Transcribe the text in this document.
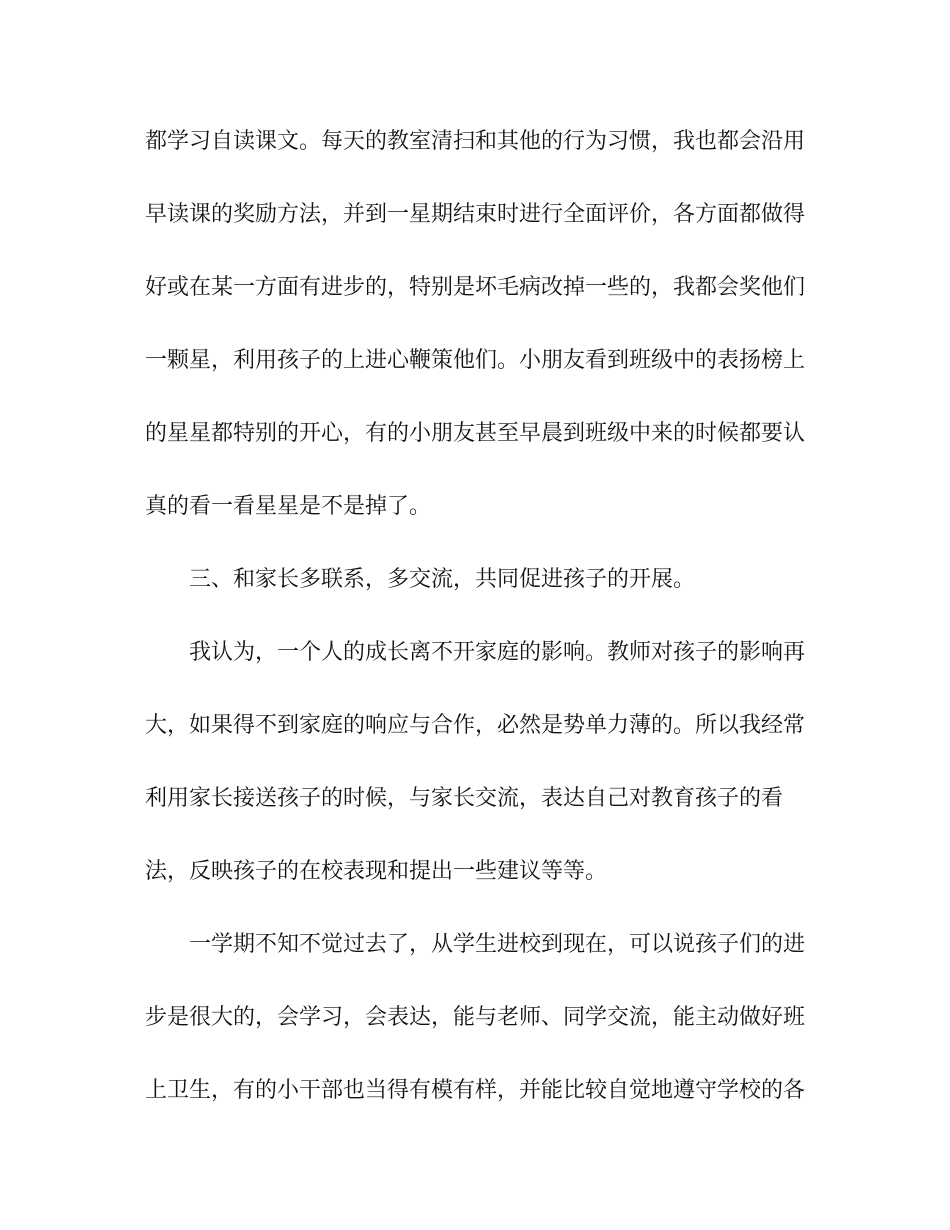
都学习自读课文。每天的教室清扫和其他的行为习惯，我也都会沿用
早读课的奖励方法，并到一星期结束时进行全面评价，各方面都做得
好或在某一方面有进步的，特别是坏毛病改掉一些的，我都会奖他们
一颗星，利用孩子的上进心鞭策他们。小朋友看到班级中的表扬榜上
的星星都特别的开心，有的小朋友甚至早晨到班级中来的时候都要认
真的看一看星星是不是掉了。
三、和家长多联系，多交流，共同促进孩子的开展。
我认为，一个人的成长离不开家庭的影响。教师对孩子的影响再
大，如果得不到家庭的响应与合作，必然是势单力薄的。所以我经常
利用家长接送孩子的时候，与家长交流，表达自己对教育孩子的看
法，反映孩子的在校表现和提出一些建议等等。
一学期不知不觉过去了，从学生进校到现在，可以说孩子们的进
步是很大的，会学习，会表达，能与老师、同学交流，能主动做好班
上卫生，有的小干部也当得有模有样，并能比较自觉地遵守学校的各
